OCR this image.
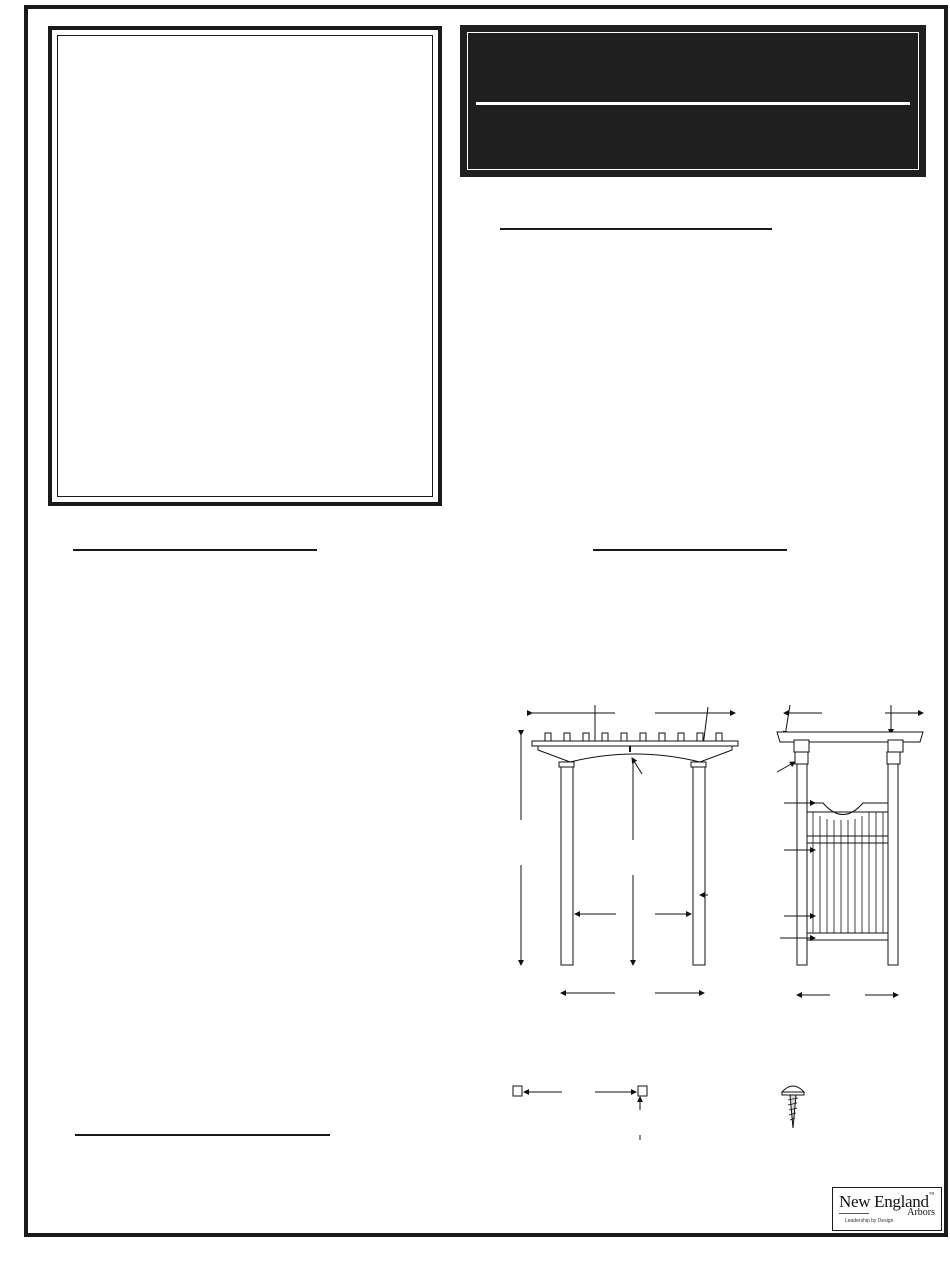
New England™
Arbors
Leadership by Design
